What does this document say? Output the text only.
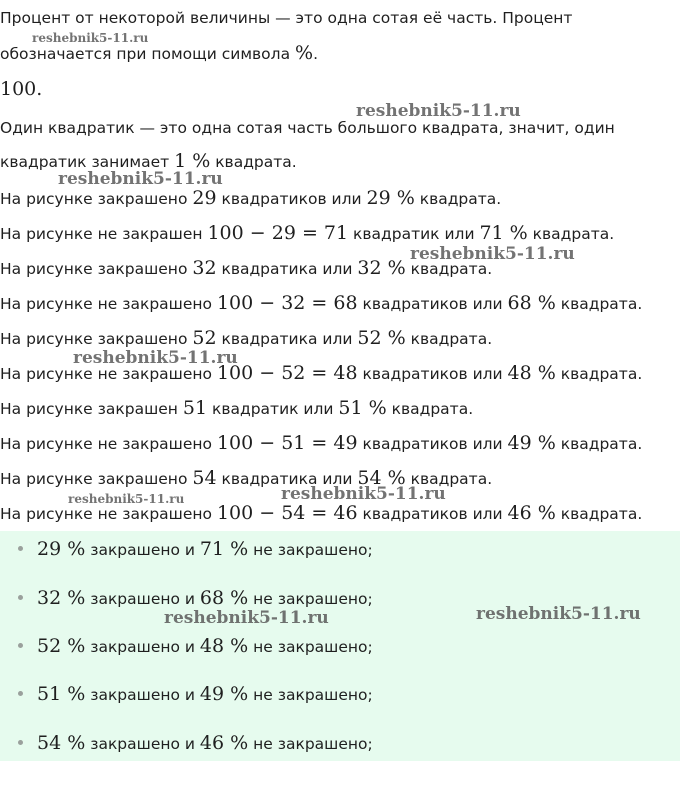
Процент от некоторой величины — это одна сотая её часть. Процент
обозначается при помощи символа %.
100.
Один квадратик — это одна сотая часть большого квадрата, значит, один
квадратик занимает 1 % квадрата.
На рисунке закрашено 29 квадратиков или 29 % квадрата.
На рисунке не закрашен 100 − 29 = 71 квадратик или 71 % квадрата.
На рисунке закрашено 32 квадратика или 32 % квадрата.
На рисунке не закрашено 100 − 32 = 68 квадратиков или 68 % квадрата.
На рисунке закрашено 52 квадратика или 52 % квадрата.
На рисунке не закрашено 100 − 52 = 48 квадратиков или 48 % квадрата.
На рисунке закрашен 51 квадратик или 51 % квадрата.
На рисунке не закрашено 100 − 51 = 49 квадратиков или 49 % квадрата.
На рисунке закрашено 54 квадратика или 54 % квадрата.
На рисунке не закрашено 100 − 54 = 46 квадратиков или 46 % квадрата.
29 % закрашено и 71 % не закрашено;
32 % закрашено и 68 % не закрашено;
52 % закрашено и 48 % не закрашено;
51 % закрашено и 49 % не закрашено;
54 % закрашено и 46 % не закрашено;
reshebnik5-11.ru
reshebnik5-11.ru
reshebnik5-11.ru
reshebnik5-11.ru
reshebnik5-11.ru
reshebnik5-11.ru	reshebnik5-11.ru
reshebnik5-11.ru	reshebnik5-11.ru
